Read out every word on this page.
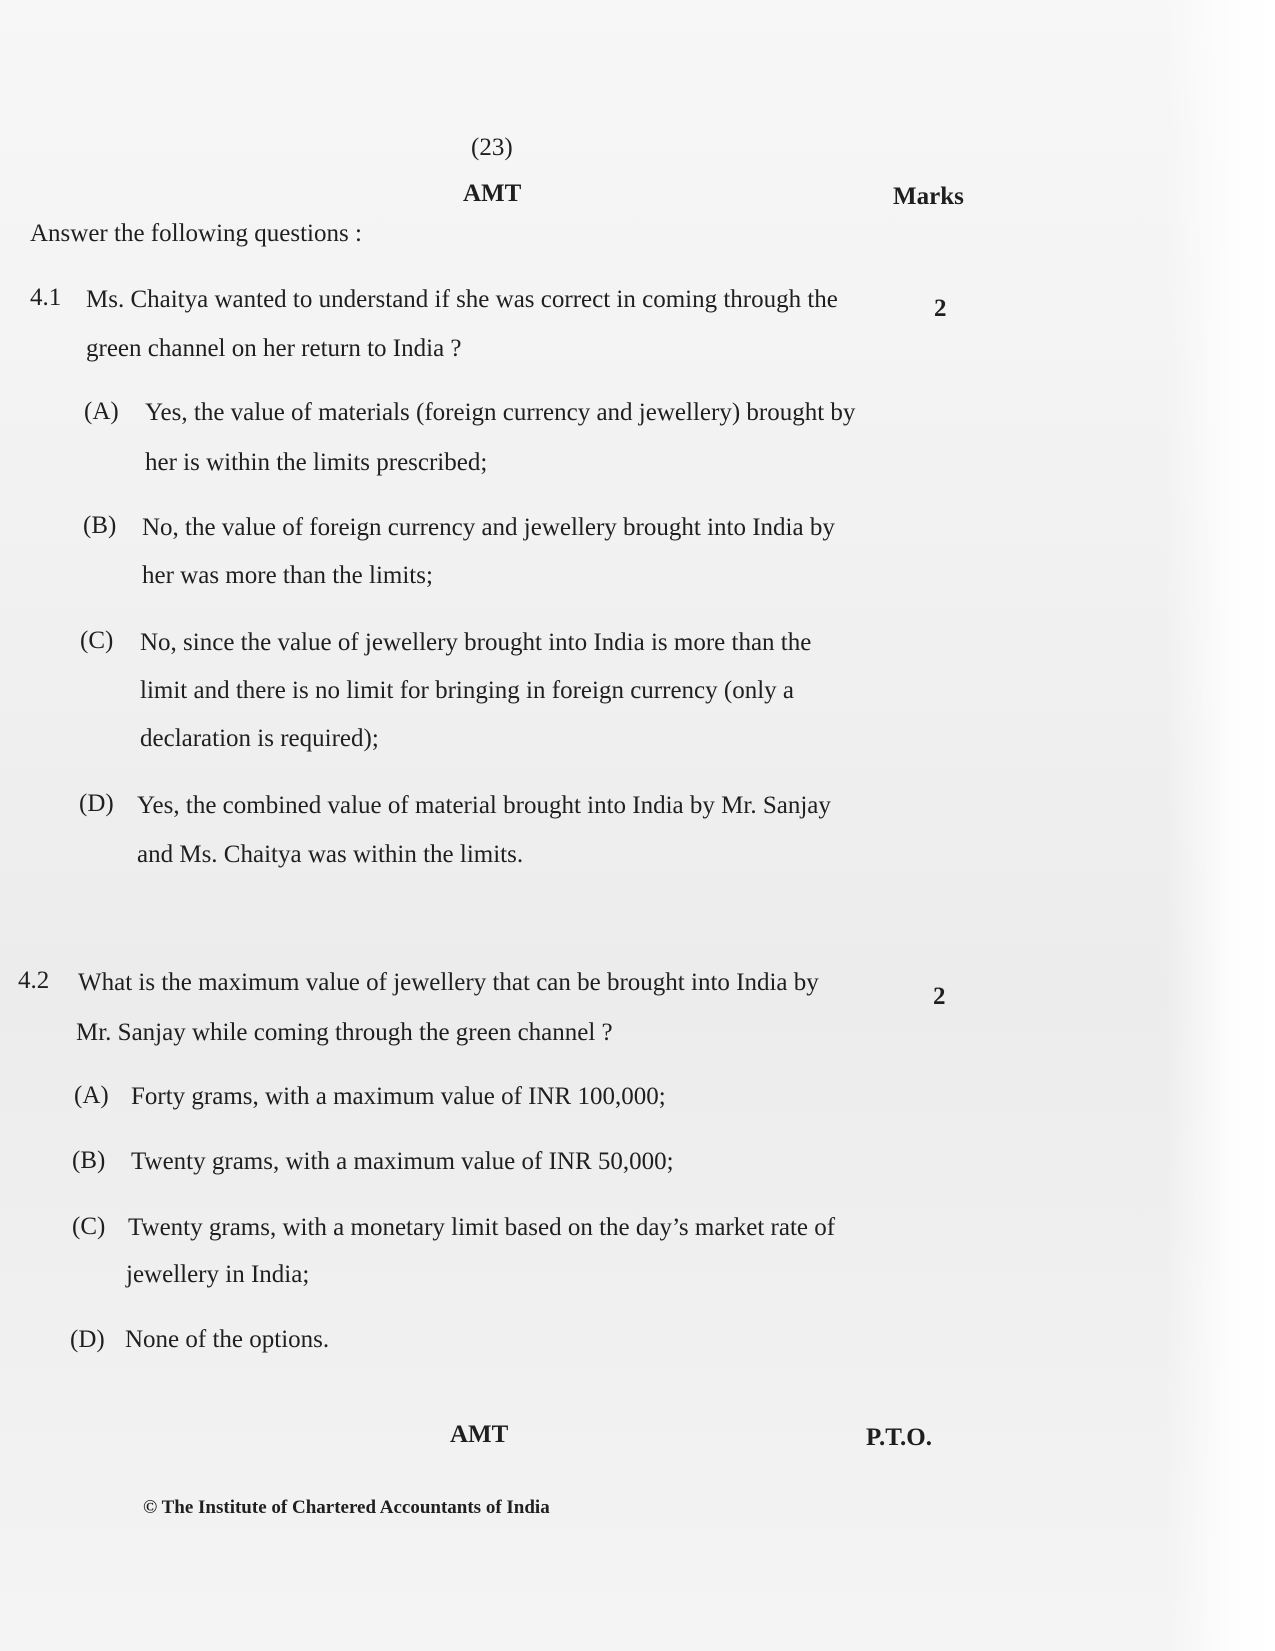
(23)
AMT	Marks
Answer the following questions :
4.1 Ms. Chaitya wanted to understand if she was correct in coming through the
green channel on her return to India ?
2
(A) Yes, the value of materials (foreign currency and jewellery) brought by
her is within the limits prescribed;
(B) No, the value of foreign currency and jewellery brought into India by
her was more than the limits;
(C) No, since the value of jewellery brought into India is more than the
limit and there is no limit for bringing in foreign currency (only a
declaration is required);
(D) Yes, the combined value of material brought into India by Mr. Sanjay
and Ms. Chaitya was within the limits.
4.2 What is the maximum value of jewellery that can be brought into India by
Mr. Sanjay while coming through the green channel ?
2
(A) Forty grams, with a maximum value of INR 100,000;
(B) Twenty grams, with a maximum value of INR 50,000;
(C) Twenty grams, with a monetary limit based on the day’s market rate of
jewellery in India;
(D) None of the options.
AMT	P.T.O.
© The Institute of Chartered Accountants of India
